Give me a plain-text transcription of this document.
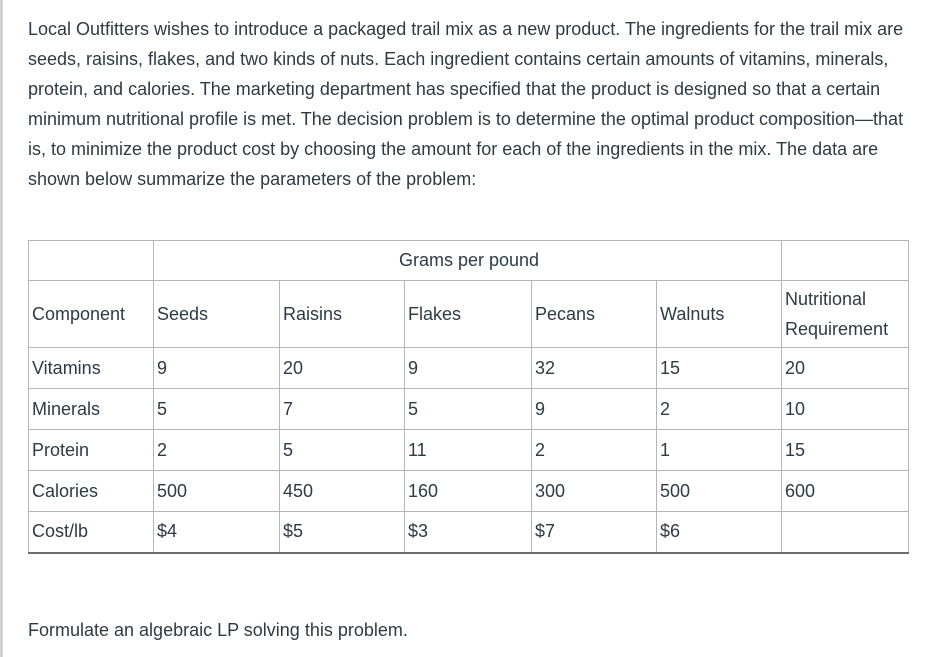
Local Outfitters wishes to introduce a packaged trail mix as a new product. The ingredients for the trail mix are seeds, raisins, flakes, and two kinds of nuts. Each ingredient contains certain amounts of vitamins, minerals, protein, and calories. The marketing department has specified that the product is designed so that a certain minimum nutritional profile is met. The decision problem is to determine the optimal product composition—that is, to minimize the product cost by choosing the amount for each of the ingredients in the mix. The data are shown below summarize the parameters of the problem:

	Grams per pound					
Component	Seeds	Raisins	Flakes	Pecans	Walnuts	Nutritional Requirement
Vitamins	9	20	9	32	15	20
Minerals	5	7	5	9	2	10
Protein	2	5	11	2	1	15
Calories	500	450	160	300	500	600
Cost/lb	$4	$5	$3	$7	$6	

Formulate an algebraic LP solving this problem.
